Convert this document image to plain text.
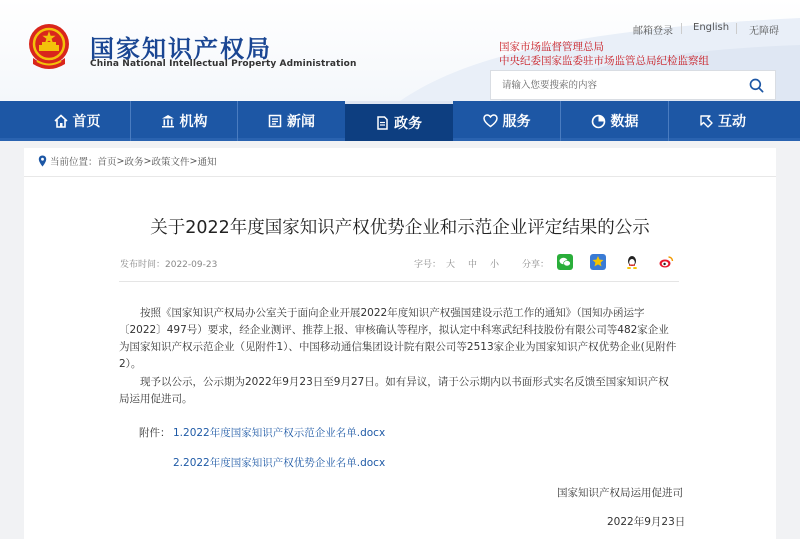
国家知识产权局
China National Intellectual Property Administration
邮箱登录 English 无障碍
国家市场监督管理总局
中央纪委国家监委驻市场监管总局纪检监察组
请输入您要搜索的内容
首页	机构	新闻	政务	服务	数据	互动
当前位置： 首页 > 政务 > 政策文件 > 通知
关于2022年度国家知识产权优势企业和示范企业评定结果的公示
发布时间：2022-09-23	字号： 大 中 小	分享：

按照《国家知识产权局办公室关于面向企业开展2022年度知识产权强国建设示范工作的通知》（国知办函运字〔2022〕497号）要求，经企业测评、推荐上报、审核确认等程序，拟认定中科寒武纪科技股份有限公司等482家企业为国家知识产权示范企业（见附件1）、中国移动通信集团设计院有限公司等2513家企业为国家知识产权优势企业(见附件2）。

现予以公示，公示期为2022年9月23日至9月27日。如有异议，请于公示期内以书面形式实名反馈至国家知识产权局运用促进司。

附件： 1.2022年度国家知识产权示范企业名单.docx
2.2022年度国家知识产权优势企业名单.docx
国家知识产权局运用促进司
2022年9月23日
